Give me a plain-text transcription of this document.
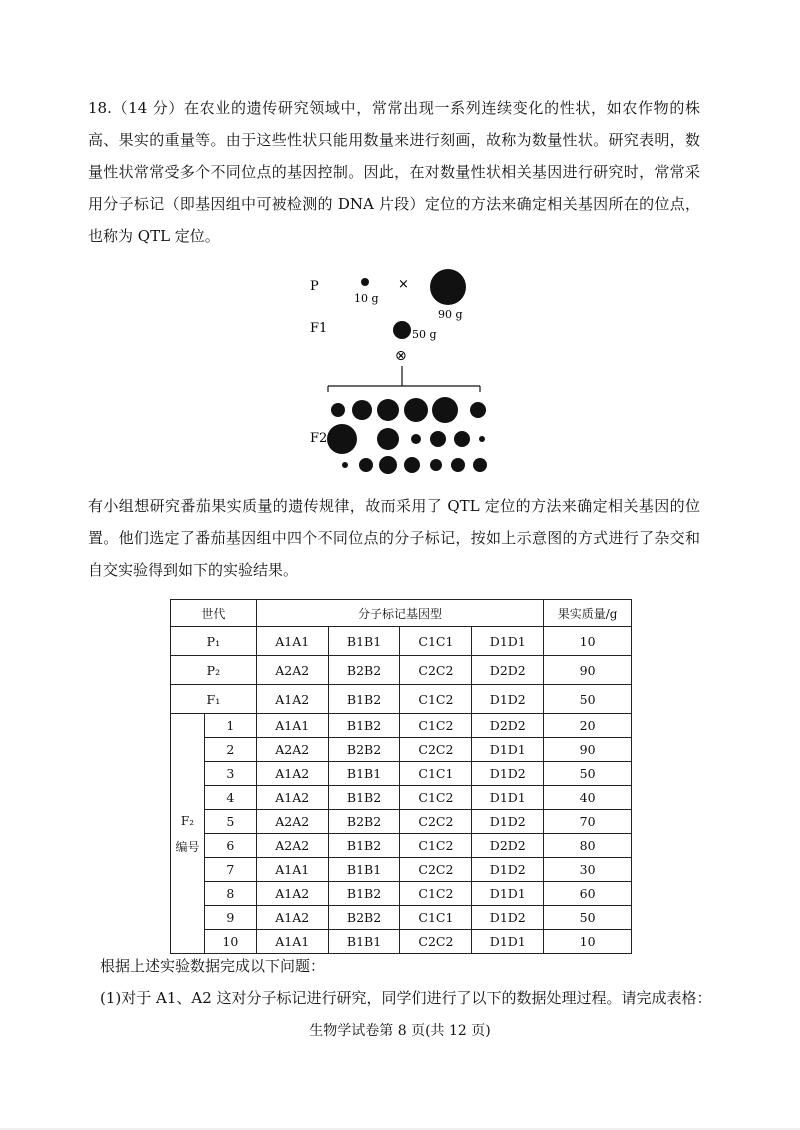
18.（14 分）在农业的遗传研究领域中，常常出现一系列连续变化的性状，如农作物的株高、果实的重量等。由于这些性状只能用数量来进行刻画，故称为数量性状。研究表明，数量性状常常受多个不同位点的基因控制。因此，在对数量性状相关基因进行研究时，常常采用分子标记（即基因组中可被检测的 DNA 片段）定位的方法来确定相关基因所在的位点，也称为 QTL 定位。
P
10 g
×
90 g
F1	50 g
⊗
F2
有小组想研究番茄果实质量的遗传规律，故而采用了 QTL 定位的方法来确定相关基因的位置。他们选定了番茄基因组中四个不同位点的分子标记，按如上示意图的方式进行了杂交和自交实验得到如下的实验结果。
世代		分子标记基因型				果实质量/g
P₁		A1A1	B1B1	C1C1	D1D1	10
P₂		A2A2	B2B2	C2C2	D2D2	90
F₁		A1A2	B1B2	C1C2	D1D2	50
F₂
编号	1	A1A1	B1B2	C1C2	D2D2	20
	2	A2A2	B2B2	C2C2	D1D1	90
	3	A1A2	B1B1	C1C1	D1D2	50
	4	A1A2	B1B2	C1C2	D1D1	40
	5	A2A2	B2B2	C2C2	D1D2	70
	6	A2A2	B1B2	C1C2	D2D2	80
	7	A1A1	B1B1	C2C2	D1D2	30
	8	A1A2	B1B2	C1C2	D1D1	60
	9	A1A2	B2B2	C1C1	D1D2	50
	10	A1A1	B1B1	C2C2	D1D1	10
根据上述实验数据完成以下问题：
(1)对于 A1、A2 这对分子标记进行研究，同学们进行了以下的数据处理过程。请完成表格：
生物学试卷第 8 页(共 12 页)
